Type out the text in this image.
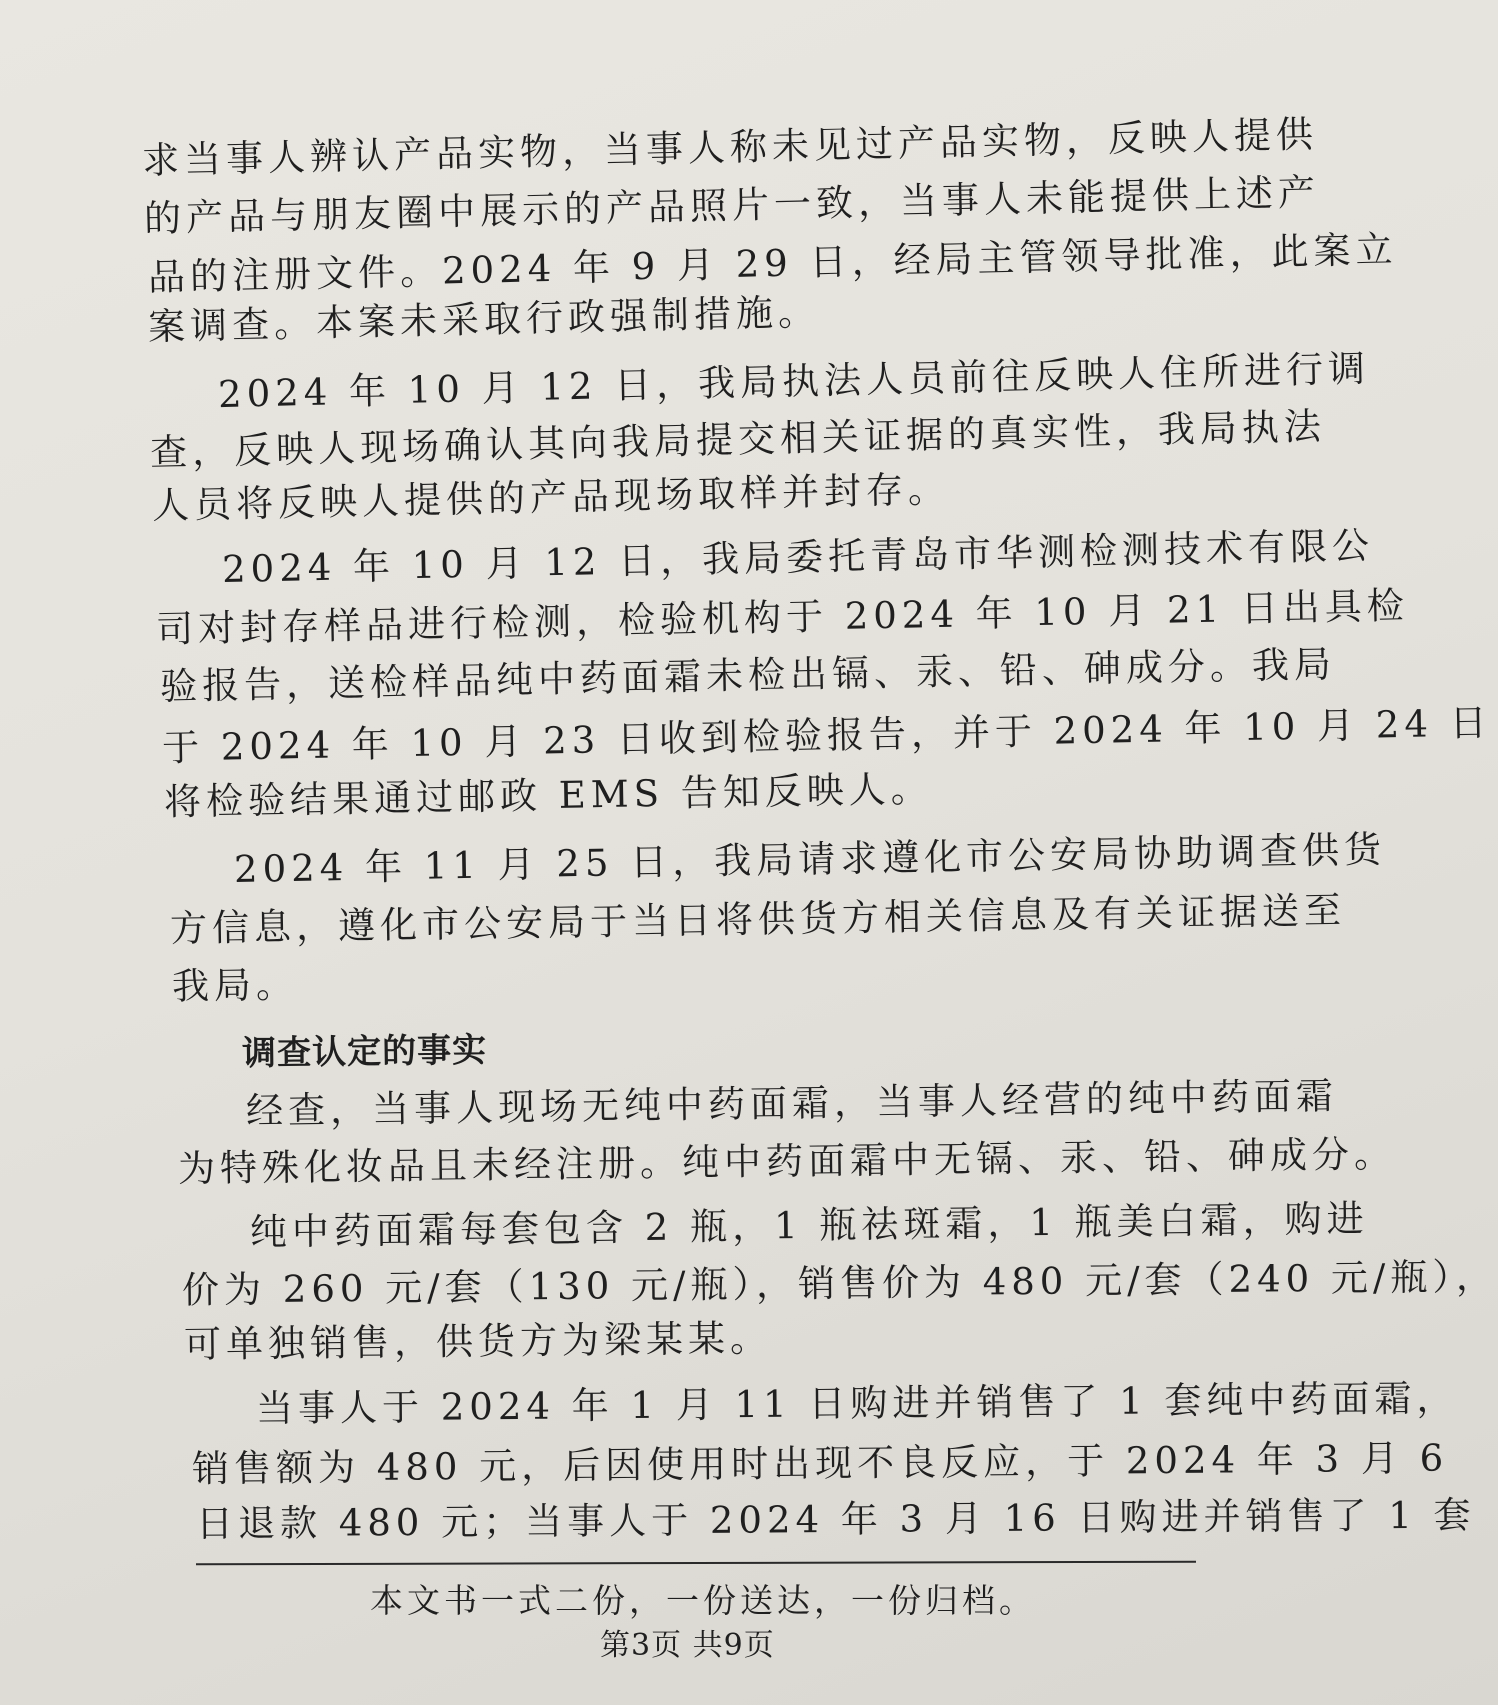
求当事人辨认产品实物，当事人称未见过产品实物，反映人提供
的产品与朋友圈中展示的产品照片一致，当事人未能提供上述产
品的注册文件。2024 年 9 月 29 日，经局主管领导批准，此案立
案调查。本案未采取行政强制措施。
2024 年 10 月 12 日，我局执法人员前往反映人住所进行调
查，反映人现场确认其向我局提交相关证据的真实性，我局执法
人员将反映人提供的产品现场取样并封存。
2024 年 10 月 12 日，我局委托青岛市华测检测技术有限公
司对封存样品进行检测，检验机构于 2024 年 10 月 21 日出具检
验报告，送检样品纯中药面霜未检出镉、汞、铅、砷成分。我局
于 2024 年 10 月 23 日收到检验报告，并于 2024 年 10 月 24 日
将检验结果通过邮政 EMS 告知反映人。
2024 年 11 月 25 日，我局请求遵化市公安局协助调查供货
方信息，遵化市公安局于当日将供货方相关信息及有关证据送至
我局。
调查认定的事实
经查，当事人现场无纯中药面霜，当事人经营的纯中药面霜
为特殊化妆品且未经注册。纯中药面霜中无镉、汞、铅、砷成分。
纯中药面霜每套包含 2 瓶，1 瓶祛斑霜，1 瓶美白霜，购进
价为 260 元/套（130 元/瓶），销售价为 480 元/套（240 元/瓶），
可单独销售，供货方为梁某某。
当事人于 2024 年 1 月 11 日购进并销售了 1 套纯中药面霜，
销售额为 480 元，后因使用时出现不良反应，于 2024 年 3 月 6
日退款 480 元；当事人于 2024 年 3 月 16 日购进并销售了 1 套
本文书一式二份，一份送达，一份归档。
第3页 共9页
